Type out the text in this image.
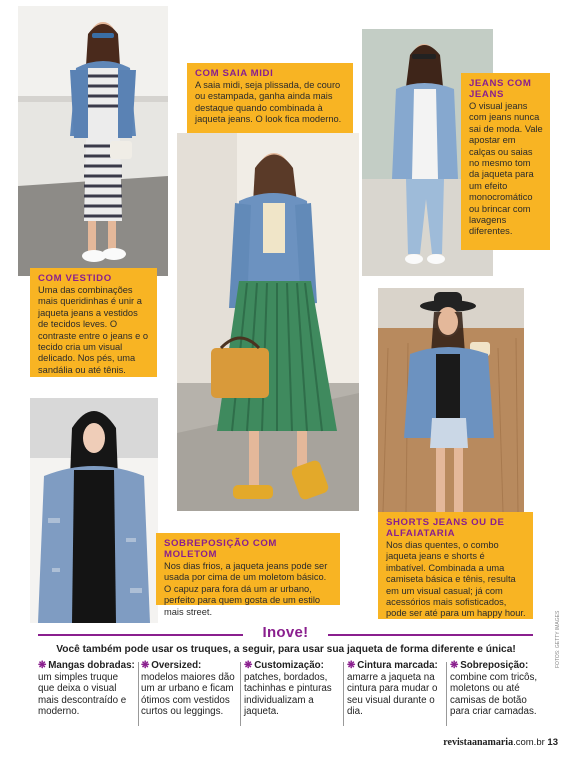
COM VESTIDO
Uma das combinações mais queridinhas é unir a jaqueta jeans a vestidos de tecidos leves. O contraste entre o jeans e o tecido cria um visual delicado. Nos pés, uma sandália ou até tênis.
COM SAIA MIDI
A saia midi, seja plissada, de couro ou estampada, ganha ainda mais destaque quando combinada à jaqueta jeans. O look fica moderno.
JEANS COM JEANS
O visual jeans com jeans nunca sai de moda. Vale apostar em calças ou saias no mesmo tom da jaqueta para um efeito monocromático ou brincar com lavagens diferentes.
SOBREPOSIÇÃO COM MOLETOM
Nos dias frios, a jaqueta jeans pode ser usada por cima de um moletom básico. O capuz para fora dá um ar urbano, perfeito para quem gosta de um estilo mais street.
SHORTS JEANS OU DE ALFAIATARIA
Nos dias quentes, o combo jaqueta jeans e shorts é imbatível. Combinada a uma camiseta básica e tênis, resulta em um visual casual; já com acessórios mais sofisticados, pode ser até para um happy hour.
Inove!
Você também pode usar os truques, a seguir, para usar sua jaqueta de forma diferente e única!
❋ Mangas dobradas:
um simples truque que deixa o visual mais descontraído e moderno.
❋ Oversized:
modelos maiores dão um ar urbano e ficam ótimos com vestidos curtos ou leggings.
❋ Customização:
patches, bordados, tachinhas e pinturas individualizam a jaqueta.
❋ Cintura marcada:
amarre a jaqueta na cintura para mudar o seu visual durante o dia.
❋ Sobreposição:
combine com tricôs, moletons ou até camisas de botão para criar camadas.
FOTOS: GETTY IMAGES
revistaanamaria.com.br 13
